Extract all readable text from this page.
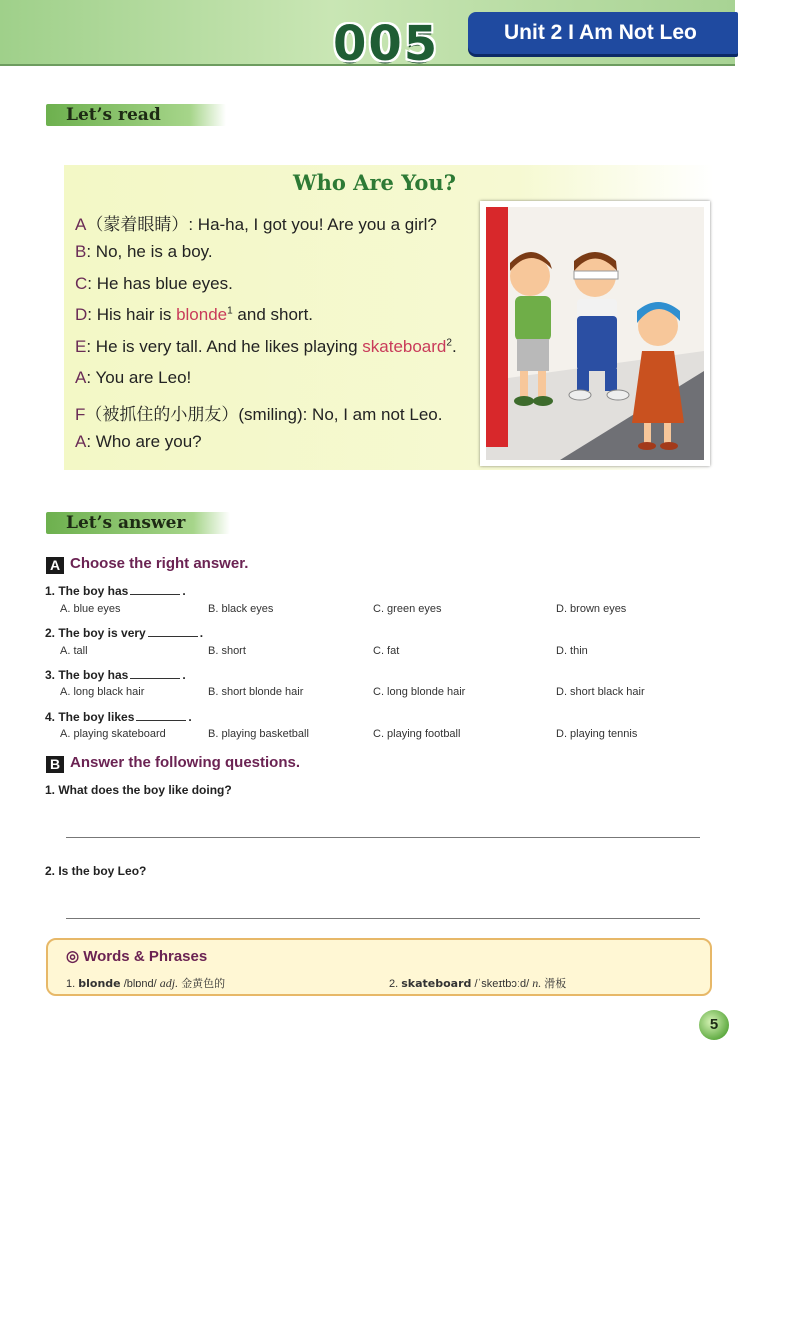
005	Unit 2 I Am Not Leo
Let’s read
Who Are You?
A（蒙着眼睛）: Ha-ha, I got you! Are you a girl?
B: No, he is a boy.
C: He has blue eyes.
D: His hair is blonde$^1$ and short.
E: He is very tall. And he likes playing skateboard$^2$.
A: You are Leo!
F（被抓住的小朋友）(smiling): No, I am not Leo.
A: Who are you?
Let’s answer
A Choose the right answer.
1. The boy has	.
A. blue eyes	B. black eyes	C. green eyes	D. brown eyes
2. The boy is very	.
A. tall	B. short	C. fat	D. thin
3. The boy has	.
A. long black hair	B. short blonde hair	C. long blonde hair	D. short black hair
4. The boy likes	.
A. playing skateboard	B. playing basketball	C. playing football	D. playing tennis
B Answer the following questions.
1. What does the boy like doing?
2. Is the boy Leo?
◎ Words & Phrases
1. blonde /blɒnd/ adj. 金黄色的	2. skateboard /ˈskeɪtbɔːd/ n. 滑板
5
